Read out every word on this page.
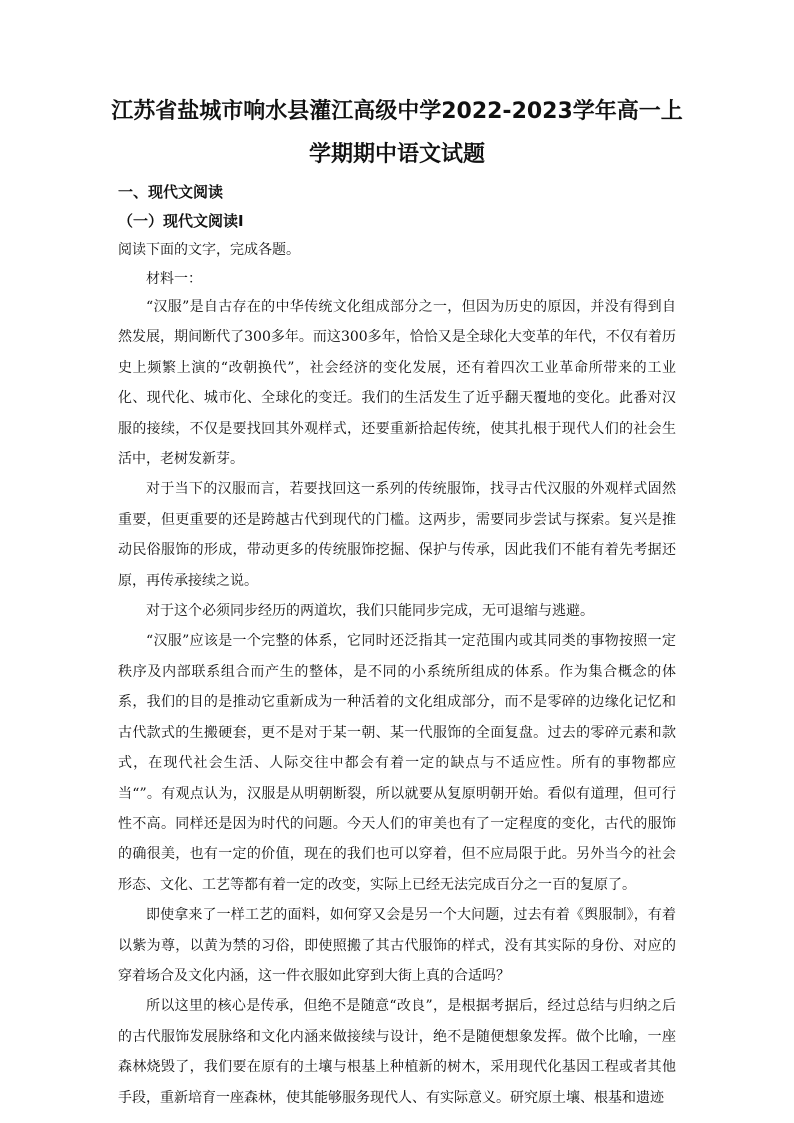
江苏省盐城市响水县灌江高级中学2022-2023学年高一上
学期期中语文试题
一、现代文阅读
（一）现代文阅读Ⅰ
阅读下面的文字，完成各题。
材料一：

“汉服”是自古存在的中华传统文化组成部分之一，但因为历史的原因，并没有得到自然发展，期间断代了300多年。而这300多年，恰恰又是全球化大变革的年代，不仅有着历史上频繁上演的“改朝换代”，社会经济的变化发展，还有着四次工业革命所带来的工业化、现代化、城市化、全球化的变迁。我们的生活发生了近乎翻天覆地的变化。此番对汉服的接续，不仅是要找回其外观样式，还要重新拾起传统，使其扎根于现代人们的社会生活中，老树发新芽。

对于当下的汉服而言，若要找回这一系列的传统服饰，找寻古代汉服的外观样式固然重要，但更重要的还是跨越古代到现代的门槛。这两步，需要同步尝试与探索。复兴是推动民俗服饰的形成，带动更多的传统服饰挖掘、保护与传承，因此我们不能有着先考据还原，再传承接续之说。

对于这个必须同步经历的两道坎，我们只能同步完成，无可退缩与逃避。

“汉服”应该是一个完整的体系，它同时还泛指其一定范围内或其同类的事物按照一定秩序及内部联系组合而产生的整体，是不同的小系统所组成的体系。作为集合概念的体系，我们的目的是推动它重新成为一种活着的文化组成部分，而不是零碎的边缘化记忆和古代款式的生搬硬套，更不是对于某一朝、某一代服饰的全面复盘。过去的零碎元素和款式，在现代社会生活、人际交往中都会有着一定的缺点与不适应性。所有的事物都应当“”。有观点认为，汉服是从明朝断裂，所以就要从复原明朝开始。看似有道理，但可行性不高。同样还是因为时代的问题。今天人们的审美也有了一定程度的变化，古代的服饰的确很美，也有一定的价值，现在的我们也可以穿着，但不应局限于此。另外当今的社会形态、文化、工艺等都有着一定的改变，实际上已经无法完成百分之一百的复原了。

即使拿来了一样工艺的面料，如何穿又会是另一个大问题，过去有着《舆服制》，有着以紫为尊，以黄为禁的习俗，即使照搬了其古代服饰的样式，没有其实际的身份、对应的穿着场合及文化内涵，这一件衣服如此穿到大街上真的合适吗？

所以这里的核心是传承，但绝不是随意“改良”，是根据考据后，经过总结与归纳之后的古代服饰发展脉络和文化内涵来做接续与设计，绝不是随便想象发挥。做个比喻，一座森林烧毁了，我们要在原有的土壤与根基上种植新的树木，采用现代化基因工程或者其他手段，重新培育一座森林，使其能够服务现代人、有实际意义。研究原土壤、根基和遗迹
